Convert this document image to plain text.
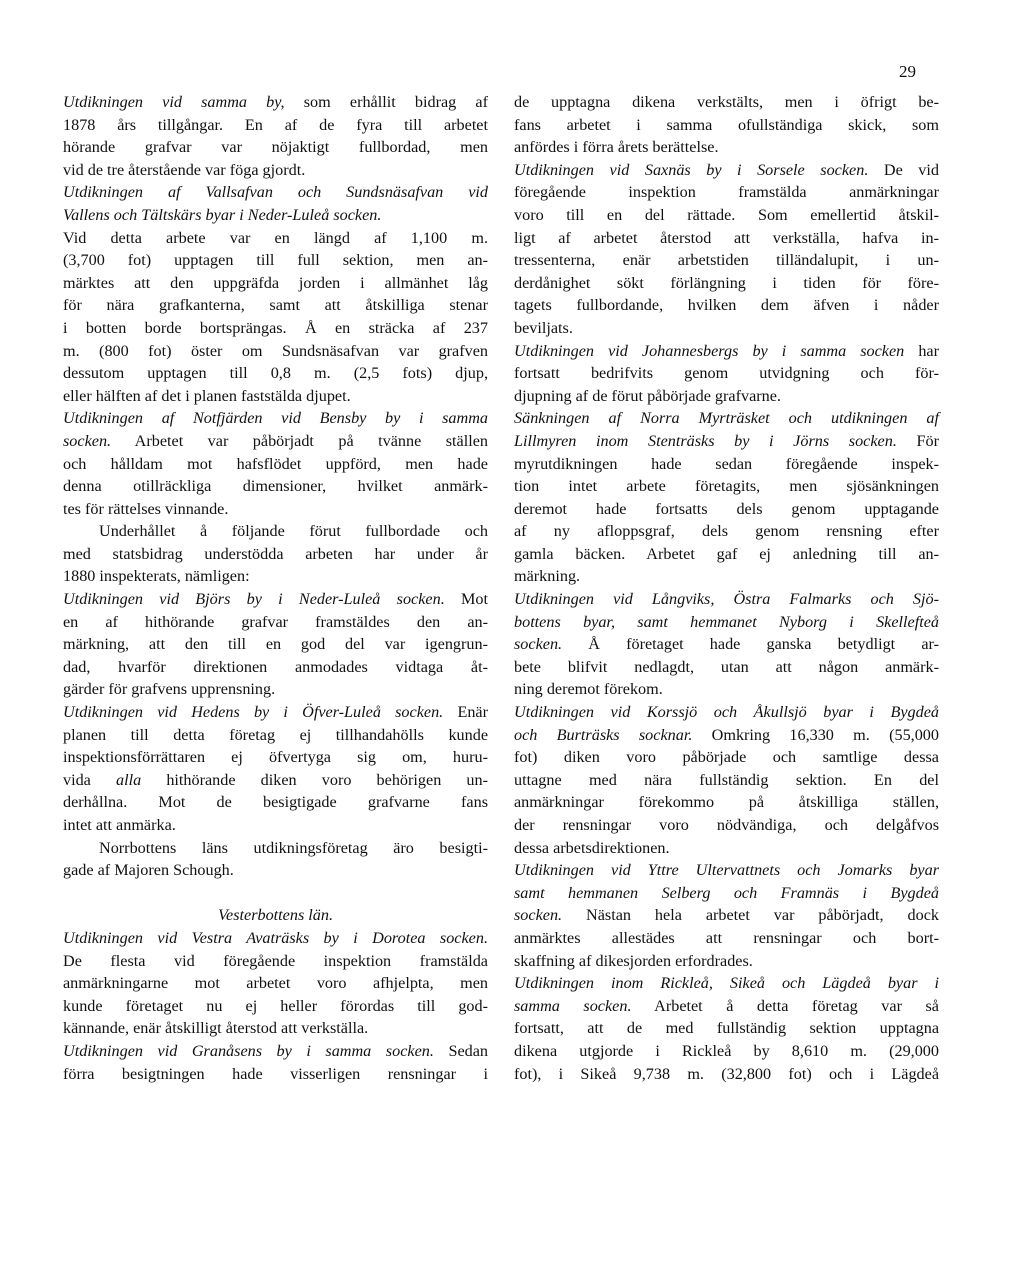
29
Utdikningen vid samma by, som erhållit bidrag af
1878 års tillgångar. En af de fyra till arbetet
hörande grafvar var nöjaktigt fullbordad, men
vid de tre återstående var föga gjordt.
Utdikningen af Vallsafvan och Sundsnäsafvan vid
Vallens och Tältskärs byar i Neder-Luleå socken.
Vid detta arbete var en längd af 1,100 m.
(3,700 fot) upptagen till full sektion, men an-
märktes att den uppgräfda jorden i allmänhet låg
för nära grafkanterna, samt att åtskilliga stenar
i botten borde bortsprängas. Å en sträcka af 237
m. (800 fot) öster om Sundsnäsafvan var grafven
dessutom upptagen till 0,8 m. (2,5 fots) djup,
eller hälften af det i planen faststälda djupet.
Utdikningen af Notfjärden vid Bensby by i samma
socken. Arbetet var påbörjadt på tvänne ställen
och hålldam mot hafsflödet uppförd, men hade
denna otillräckliga dimensioner, hvilket anmärk-
tes för rättelses vinnande.
Underhållet å följande förut fullbordade och
med statsbidrag understödda arbeten har under år
1880 inspekterats, nämligen:
Utdikningen vid Björs by i Neder-Luleå socken. Mot
en af hithörande grafvar framstäldes den an-
märkning, att den till en god del var igengrun-
dad, hvarför direktionen anmodades vidtaga åt-
gärder för grafvens upprensning.
Utdikningen vid Hedens by i Öfver-Luleå socken. Enär
planen till detta företag ej tillhandahölls kunde
inspektionsförrättaren ej öfvertyga sig om, huru-
vida alla hithörande diken voro behörigen un-
derhållna. Mot de besigtigade grafvarne fans
intet att anmärka.
Norrbottens läns utdikningsföretag äro besigti-
gade af Majoren Schough.
Vesterbottens län.
Utdikningen vid Vestra Avaträsks by i Dorotea socken.
De flesta vid föregående inspektion framstälda
anmärkningarne mot arbetet voro afhjelpta, men
kunde företaget nu ej heller förordas till god-
kännande, enär åtskilligt återstod att verkställa.
Utdikningen vid Granåsens by i samma socken. Sedan
förra besigtningen hade visserligen rensningar i
de upptagna dikena verkstälts, men i öfrigt be-
fans arbetet i samma ofullständiga skick, som
anfördes i förra årets berättelse.
Utdikningen vid Saxnäs by i Sorsele socken. De vid
föregående inspektion framstälda anmärkningar
voro till en del rättade. Som emellertid åtskil-
ligt af arbetet återstod att verkställa, hafva in-
tressenterna, enär arbetstiden tilländalupit, i un-
derdånighet sökt förlängning i tiden för före-
tagets fullbordande, hvilken dem äfven i nåder
beviljats.
Utdikningen vid Johannesbergs by i samma socken har
fortsatt bedrifvits genom utvidgning och för-
djupning af de förut påbörjade grafvarne.
Sänkningen af Norra Myrträsket och utdikningen af
Lillmyren inom Stenträsks by i Jörns socken. För
myrutdikningen hade sedan föregående inspek-
tion intet arbete företagits, men sjösänkningen
deremot hade fortsatts dels genom upptagande
af ny afloppsgraf, dels genom rensning efter
gamla bäcken. Arbetet gaf ej anledning till an-
märkning.
Utdikningen vid Långviks, Östra Falmarks och Sjö-
bottens byar, samt hemmanet Nyborg i Skellefteå
socken. Å företaget hade ganska betydligt ar-
bete blifvit nedlagdt, utan att någon anmärk-
ning deremot förekom.
Utdikningen vid Korssjö och Åkullsjö byar i Bygdeå
och Burträsks socknar. Omkring 16,330 m. (55,000
fot) diken voro påbörjade och samtlige dessa
uttagne med nära fullständig sektion. En del
anmärkningar förekommo på åtskilliga ställen,
der rensningar voro nödvändiga, och delgåfvos
dessa arbetsdirektionen.
Utdikningen vid Yttre Ultervattnets och Jomarks byar
samt hemmanen Selberg och Framnäs i Bygdeå
socken. Nästan hela arbetet var påbörjadt, dock
anmärktes allestädes att rensningar och bort-
skaffning af dikesjorden erfordrades.
Utdikningen inom Rickleå, Sikeå och Lägdeå byar i
samma socken. Arbetet å detta företag var så
fortsatt, att de med fullständig sektion upptagna
dikena utgjorde i Rickleå by 8,610 m. (29,000
fot), i Sikeå 9,738 m. (32,800 fot) och i Lägdeå
